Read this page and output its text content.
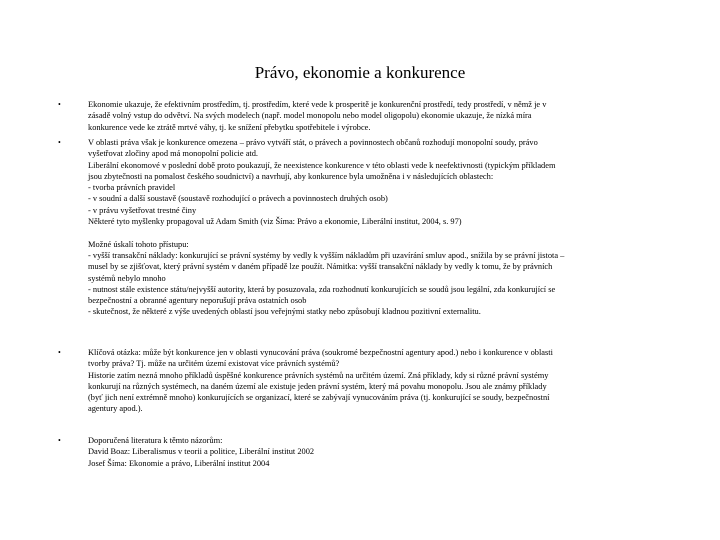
Právo, ekonomie a konkurence
•	Ekonomie ukazuje, že efektivním prostředím, tj. prostředím, které vede k prosperitě je konkurenční prostředí, tedy prostředí, v němž je v
zásadě volný vstup do odvětví. Na svých modelech (např. model monopolu nebo model oligopolu) ekonomie ukazuje, že nízká míra
konkurence vede ke ztrátě mrtvé váhy, tj. ke snížení přebytku spotřebitele i výrobce.
•	V oblasti práva však je konkurence omezena – právo vytváří stát, o právech a povinnostech občanů rozhodují monopolní soudy, právo
vyšetřovat zločiny apod má monopolní policie atd.
Liberální ekonomové v poslední době proto poukazují, že neexistence konkurence v této oblasti vede k neefektivnosti (typickým příkladem
jsou zbytečnosti na pomalost českého soudnictví) a navrhují, aby konkurence byla umožněna i v následujících oblastech:
- tvorba právních pravidel
- v soudní a další soustavě (soustavě rozhodující o právech a povinnostech druhých osob)
- v právu vyšetřovat trestné činy
Některé tyto myšlenky propagoval už Adam Smith (viz Šíma: Právo a ekonomie, Liberální institut, 2004, s. 97)
Možné úskalí tohoto přístupu:
- vyšší transakční náklady: konkurující se právní systémy by vedly k vyšším nákladům při uzavírání smluv apod., snížila by se právní jistota –
musel by se zjišťovat, který právní systém v daném případě lze použít. Námitka: vyšší transakční náklady by vedly k tomu, že by právních
systémů nebylo mnoho
- nutnost stále existence státu/nejvyšší autority, která by posuzovala, zda rozhodnutí konkurujících se soudů jsou legální, zda konkurující se
bezpečnostní a obranné agentury neporušují práva ostatních osob
- skutečnost, že některé z výše uvedených oblastí jsou veřejnými statky nebo způsobují kladnou pozitivní externalitu.
•	Klíčová otázka: může být konkurence jen v oblasti vynucování práva (soukromé bezpečnostní agentury apod.) nebo i konkurence v oblasti
tvorby práva? Tj. může na určitém území existovat více právních systémů?
Historie zatím nezná mnoho příkladů úspěšné konkurence právních systémů na určitém území. Zná příklady, kdy si různé právní systémy
konkurují na různých systémech, na daném území ale existuje jeden právní systém, který má povahu monopolu. Jsou ale známy příklady
(byť jich není extrémně mnoho) konkurujících se organizací, které se zabývají vynucováním práva (tj. konkurující se soudy, bezpečnostní
agentury apod.).
•	Doporučená literatura k těmto názorům:
David Boaz: Liberalismus v teorii a politice, Liberální institut 2002
Josef Šíma: Ekonomie a právo, Liberální institut 2004
